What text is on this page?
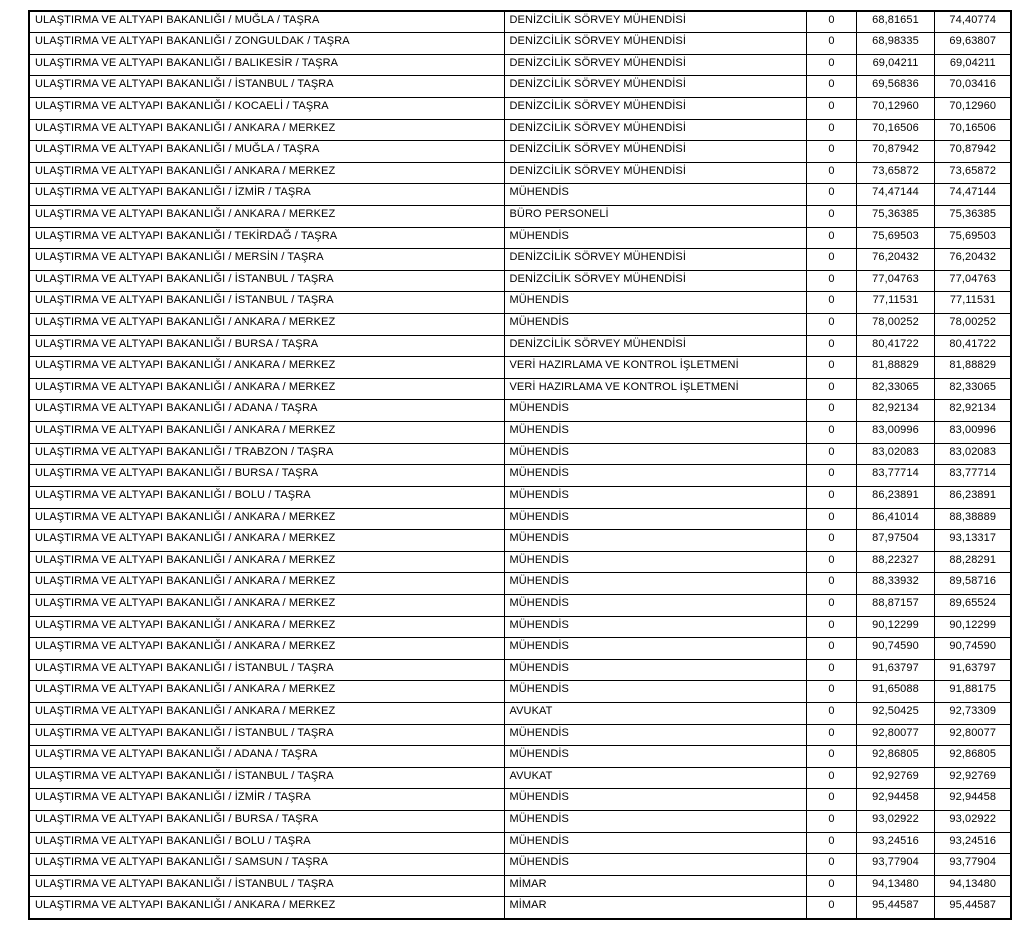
ULAŞTIRMA VE ALTYAPI BAKANLIĞI / MUĞLA / TAŞRA	DENİZCİLİK SÖRVEY MÜHENDİSİ	0	68,81651	74,40774
ULAŞTIRMA VE ALTYAPI BAKANLIĞI / ZONGULDAK / TAŞRA	DENİZCİLİK SÖRVEY MÜHENDİSİ	0	68,98335	69,63807
ULAŞTIRMA VE ALTYAPI BAKANLIĞI / BALIKESİR / TAŞRA	DENİZCİLİK SÖRVEY MÜHENDİSİ	0	69,04211	69,04211
ULAŞTIRMA VE ALTYAPI BAKANLIĞI / İSTANBUL / TAŞRA	DENİZCİLİK SÖRVEY MÜHENDİSİ	0	69,56836	70,03416
ULAŞTIRMA VE ALTYAPI BAKANLIĞI / KOCAELİ / TAŞRA	DENİZCİLİK SÖRVEY MÜHENDİSİ	0	70,12960	70,12960
ULAŞTIRMA VE ALTYAPI BAKANLIĞI / ANKARA / MERKEZ	DENİZCİLİK SÖRVEY MÜHENDİSİ	0	70,16506	70,16506
ULAŞTIRMA VE ALTYAPI BAKANLIĞI / MUĞLA / TAŞRA	DENİZCİLİK SÖRVEY MÜHENDİSİ	0	70,87942	70,87942
ULAŞTIRMA VE ALTYAPI BAKANLIĞI / ANKARA / MERKEZ	DENİZCİLİK SÖRVEY MÜHENDİSİ	0	73,65872	73,65872
ULAŞTIRMA VE ALTYAPI BAKANLIĞI / İZMİR / TAŞRA	MÜHENDİS	0	74,47144	74,47144
ULAŞTIRMA VE ALTYAPI BAKANLIĞI / ANKARA / MERKEZ	BÜRO PERSONELİ	0	75,36385	75,36385
ULAŞTIRMA VE ALTYAPI BAKANLIĞI / TEKİRDAĞ / TAŞRA	MÜHENDİS	0	75,69503	75,69503
ULAŞTIRMA VE ALTYAPI BAKANLIĞI / MERSİN / TAŞRA	DENİZCİLİK SÖRVEY MÜHENDİSİ	0	76,20432	76,20432
ULAŞTIRMA VE ALTYAPI BAKANLIĞI / İSTANBUL / TAŞRA	DENİZCİLİK SÖRVEY MÜHENDİSİ	0	77,04763	77,04763
ULAŞTIRMA VE ALTYAPI BAKANLIĞI / İSTANBUL / TAŞRA	MÜHENDİS	0	77,11531	77,11531
ULAŞTIRMA VE ALTYAPI BAKANLIĞI / ANKARA / MERKEZ	MÜHENDİS	0	78,00252	78,00252
ULAŞTIRMA VE ALTYAPI BAKANLIĞI / BURSA / TAŞRA	DENİZCİLİK SÖRVEY MÜHENDİSİ	0	80,41722	80,41722
ULAŞTIRMA VE ALTYAPI BAKANLIĞI / ANKARA / MERKEZ	VERİ HAZIRLAMA VE KONTROL İŞLETMENİ	0	81,88829	81,88829
ULAŞTIRMA VE ALTYAPI BAKANLIĞI / ANKARA / MERKEZ	VERİ HAZIRLAMA VE KONTROL İŞLETMENİ	0	82,33065	82,33065
ULAŞTIRMA VE ALTYAPI BAKANLIĞI / ADANA / TAŞRA	MÜHENDİS	0	82,92134	82,92134
ULAŞTIRMA VE ALTYAPI BAKANLIĞI / ANKARA / MERKEZ	MÜHENDİS	0	83,00996	83,00996
ULAŞTIRMA VE ALTYAPI BAKANLIĞI / TRABZON / TAŞRA	MÜHENDİS	0	83,02083	83,02083
ULAŞTIRMA VE ALTYAPI BAKANLIĞI / BURSA / TAŞRA	MÜHENDİS	0	83,77714	83,77714
ULAŞTIRMA VE ALTYAPI BAKANLIĞI / BOLU / TAŞRA	MÜHENDİS	0	86,23891	86,23891
ULAŞTIRMA VE ALTYAPI BAKANLIĞI / ANKARA / MERKEZ	MÜHENDİS	0	86,41014	88,38889
ULAŞTIRMA VE ALTYAPI BAKANLIĞI / ANKARA / MERKEZ	MÜHENDİS	0	87,97504	93,13317
ULAŞTIRMA VE ALTYAPI BAKANLIĞI / ANKARA / MERKEZ	MÜHENDİS	0	88,22327	88,28291
ULAŞTIRMA VE ALTYAPI BAKANLIĞI / ANKARA / MERKEZ	MÜHENDİS	0	88,33932	89,58716
ULAŞTIRMA VE ALTYAPI BAKANLIĞI / ANKARA / MERKEZ	MÜHENDİS	0	88,87157	89,65524
ULAŞTIRMA VE ALTYAPI BAKANLIĞI / ANKARA / MERKEZ	MÜHENDİS	0	90,12299	90,12299
ULAŞTIRMA VE ALTYAPI BAKANLIĞI / ANKARA / MERKEZ	MÜHENDİS	0	90,74590	90,74590
ULAŞTIRMA VE ALTYAPI BAKANLIĞI / İSTANBUL / TAŞRA	MÜHENDİS	0	91,63797	91,63797
ULAŞTIRMA VE ALTYAPI BAKANLIĞI / ANKARA / MERKEZ	MÜHENDİS	0	91,65088	91,88175
ULAŞTIRMA VE ALTYAPI BAKANLIĞI / ANKARA / MERKEZ	AVUKAT	0	92,50425	92,73309
ULAŞTIRMA VE ALTYAPI BAKANLIĞI / İSTANBUL / TAŞRA	MÜHENDİS	0	92,80077	92,80077
ULAŞTIRMA VE ALTYAPI BAKANLIĞI / ADANA / TAŞRA	MÜHENDİS	0	92,86805	92,86805
ULAŞTIRMA VE ALTYAPI BAKANLIĞI / İSTANBUL / TAŞRA	AVUKAT	0	92,92769	92,92769
ULAŞTIRMA VE ALTYAPI BAKANLIĞI / İZMİR / TAŞRA	MÜHENDİS	0	92,94458	92,94458
ULAŞTIRMA VE ALTYAPI BAKANLIĞI / BURSA / TAŞRA	MÜHENDİS	0	93,02922	93,02922
ULAŞTIRMA VE ALTYAPI BAKANLIĞI / BOLU / TAŞRA	MÜHENDİS	0	93,24516	93,24516
ULAŞTIRMA VE ALTYAPI BAKANLIĞI / SAMSUN / TAŞRA	MÜHENDİS	0	93,77904	93,77904
ULAŞTIRMA VE ALTYAPI BAKANLIĞI / İSTANBUL / TAŞRA	MİMAR	0	94,13480	94,13480
ULAŞTIRMA VE ALTYAPI BAKANLIĞI / ANKARA / MERKEZ	MİMAR	0	95,44587	95,44587
